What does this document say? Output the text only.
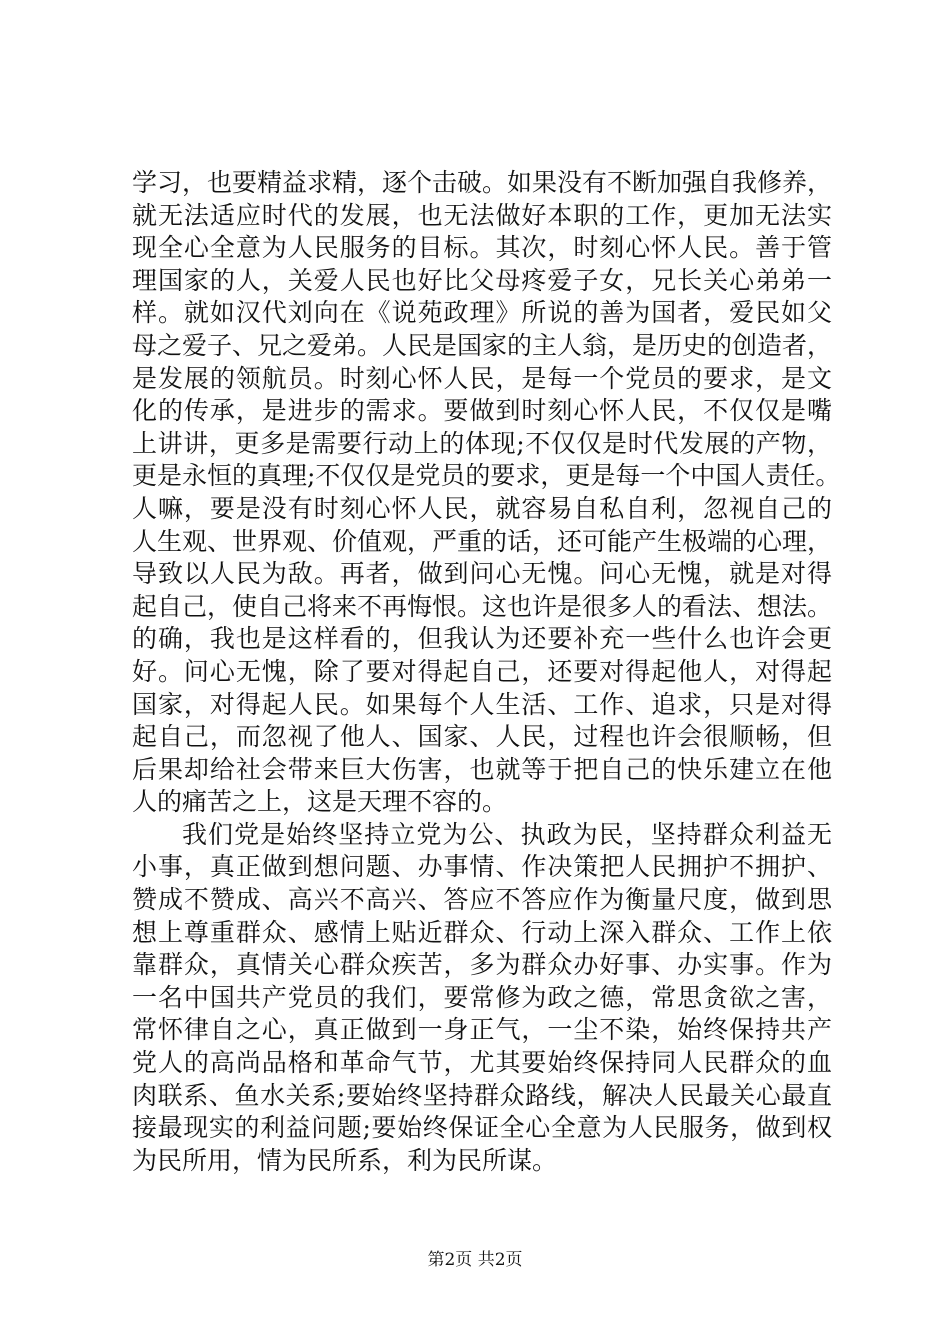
学习，也要精益求精，逐个击破。如果没有不断加强自我修养，
就无法适应时代的发展，也无法做好本职的工作，更加无法实
现全心全意为人民服务的目标。其次，时刻心怀人民。善于管
理国家的人，关爱人民也好比父母疼爱子女，兄长关心弟弟一
样。就如汉代刘向在《说苑政理》所说的善为国者，爱民如父
母之爱子、兄之爱弟。人民是国家的主人翁，是历史的创造者，
是发展的领航员。时刻心怀人民，是每一个党员的要求，是文
化的传承，是进步的需求。要做到时刻心怀人民，不仅仅是嘴
上讲讲，更多是需要行动上的体现;不仅仅是时代发展的产物，
更是永恒的真理;不仅仅是党员的要求，更是每一个中国人责任。
人嘛，要是没有时刻心怀人民，就容易自私自利，忽视自己的
人生观、世界观、价值观，严重的话，还可能产生极端的心理，
导致以人民为敌。再者，做到问心无愧。问心无愧，就是对得
起自己，使自己将来不再悔恨。这也许是很多人的看法、想法。
的确，我也是这样看的，但我认为还要补充一些什么也许会更
好。问心无愧，除了要对得起自己，还要对得起他人，对得起
国家，对得起人民。如果每个人生活、工作、追求，只是对得
起自己，而忽视了他人、国家、人民，过程也许会很顺畅，但
后果却给社会带来巨大伤害，也就等于把自己的快乐建立在他
人的痛苦之上，这是天理不容的。
我们党是始终坚持立党为公、执政为民，坚持群众利益无
小事，真正做到想问题、办事情、作决策把人民拥护不拥护、
赞成不赞成、高兴不高兴、答应不答应作为衡量尺度，做到思
想上尊重群众、感情上贴近群众、行动上深入群众、工作上依
靠群众，真情关心群众疾苦，多为群众办好事、办实事。作为
一名中国共产党员的我们，要常修为政之德，常思贪欲之害，
常怀律自之心，真正做到一身正气，一尘不染，始终保持共产
党人的高尚品格和革命气节，尤其要始终保持同人民群众的血
肉联系、鱼水关系;要始终坚持群众路线，解决人民最关心最直
接最现实的利益问题;要始终保证全心全意为人民服务，做到权
为民所用，情为民所系，利为民所谋。
第2页 共2页
